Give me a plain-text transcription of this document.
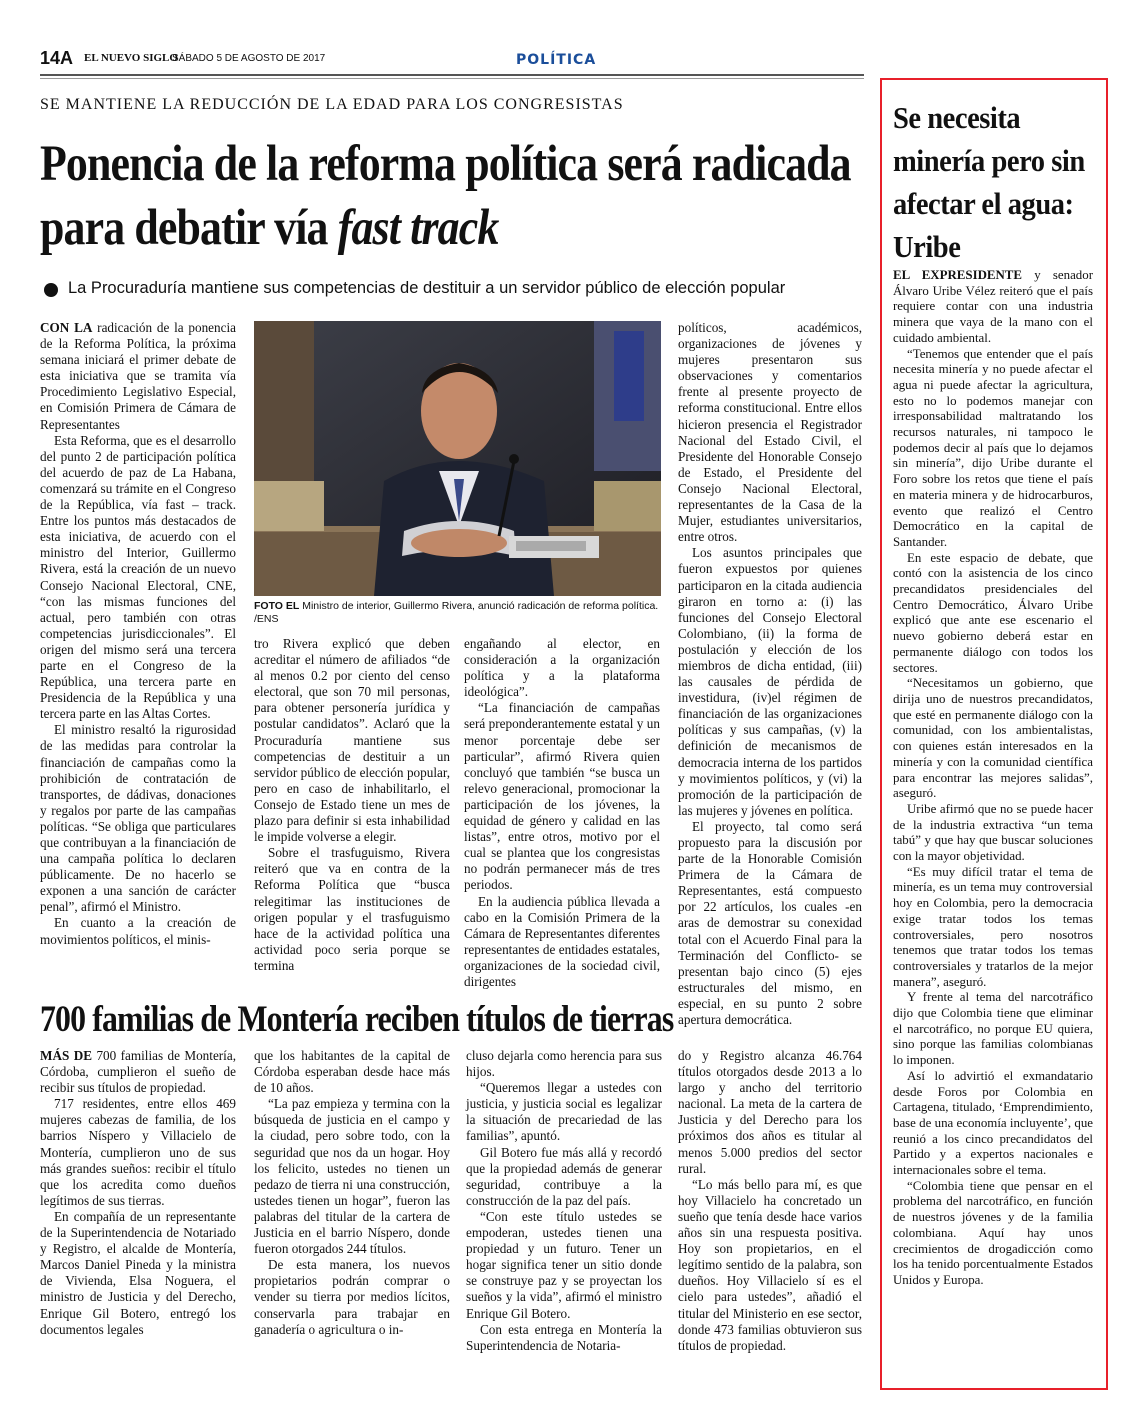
14A EL NUEVO SIGLO
SÁBADO 5 DE AGOSTO DE 2017	POLÍTICA
SE MANTIENE LA REDUCCIÓN DE LA EDAD PARA LOS CONGRESISTAS
Ponencia de la reforma política será radicada para debatir vía fast track
La Procuraduría mantiene sus competencias de destituir a un servidor público de elección popular

CON LA radicación de la ponencia de la Reforma Política, la próxima semana iniciará el primer debate de esta iniciativa que se tramita vía Procedimiento Legislativo Especial, en Comisión Primera de Cámara de Representantes

Esta Reforma, que es el desarrollo del punto 2 de participación política del acuerdo de paz de La Habana, comenzará su trámite en el Congreso de la República, vía fast – track. Entre los puntos más destacados de esta iniciativa, de acuerdo con el ministro del Interior, Guillermo Rivera, está la creación de un nuevo Consejo Nacional Electoral, CNE, “con las mismas funciones del actual, pero también con otras competencias jurisdiccionales”. El origen del mismo será una tercera parte en el Congreso de la República, una tercera parte en Presidencia de la República y una tercera parte en las Altas Cortes.

El ministro resaltó la rigurosidad de las medidas para controlar la financiación de campañas como la prohibición de contratación de transportes, de dádivas, donaciones y regalos por parte de las campañas políticas. “Se obliga que particulares que contribuyan a la financiación de una campaña política lo declaren públicamente. De no hacerlo se exponen a una sanción de carácter penal”, afirmó el Ministro.

En cuanto a la creación de movimientos políticos, el minis-

FOTO EL Ministro de interior, Guillermo Rivera, anunció radicación de reforma política. /ENS

políticos, académicos, organizaciones de jóvenes y mujeres presentaron sus observaciones y comentarios frente al presente proyecto de reforma constitucional. Entre ellos hicieron presencia el Registrador Nacional del Estado Civil, el Presidente del Honorable Consejo de Estado, el Presidente del Consejo Nacional Electoral, representantes de la Casa de la Mujer, estudiantes universitarios, entre otros.

Los asuntos principales que fueron expuestos por quienes participaron en la citada audiencia giraron en torno a: (i) las funciones del Consejo Electoral Colombiano, (ii) la forma de postulación y elección de los miembros de dicha entidad, (iii) las causales de pérdida de investidura, (iv)el régimen de financiación de las organizaciones políticas y sus campañas, (v) la definición de mecanismos de democracia interna de los partidos y movimientos políticos, y (vi) la promoción de la participación de las mujeres y jóvenes en política.

El proyecto, tal como será propuesto para la discusión por parte de la Honorable Comisión Primera de la Cámara de Representantes, está compuesto por 22 artículos, los cuales -en aras de demostrar su conexidad total con el Acuerdo Final para la Terminación del Conflicto- se presentan bajo cinco (5) ejes estructurales del mismo, en especial, en su punto 2 sobre apertura democrática.

tro Rivera explicó que deben acreditar el número de afiliados “de al menos 0.2 por ciento del censo electoral, que son 70 mil personas, para obtener personería jurídica y postular candidatos”. Aclaró que la Procuraduría mantiene sus competencias de destituir a un servidor público de elección popular, pero en caso de inhabilitarlo, el Consejo de Estado tiene un mes de plazo para definir si esta inhabilidad le impide volverse a elegir.

Sobre el trasfuguismo, Rivera reiteró que va en contra de la Reforma Política que “busca relegitimar las instituciones de origen popular y el trasfuguismo hace de la actividad política una actividad poco seria porque se termina

engañando al elector, en consideración a la organización política y a la plataforma ideológica”.

“La financiación de campañas será preponderantemente estatal y un menor porcentaje debe ser particular”, afirmó Rivera quien concluyó que también “se busca un relevo generacional, promocionar la participación de los jóvenes, la equidad de género y calidad en las listas”, entre otros, motivo por el cual se plantea que los congresistas no podrán permanecer más de tres periodos.

En la audiencia pública llevada a cabo en la Comisión Primera de la Cámara de Representantes diferentes representantes de entidades estatales, organizaciones de la sociedad civil, dirigentes

700 familias de Montería reciben títulos de tierras

MÁS DE 700 familias de Montería, Córdoba, cumplieron el sueño de recibir sus títulos de propiedad.

717 residentes, entre ellos 469 mujeres cabezas de familia, de los barrios Níspero y Villacielo de Montería, cumplieron uno de sus más grandes sueños: recibir el título que los acredita como dueños legítimos de sus tierras.

En compañía de un representante de la Superintendencia de Notariado y Registro, el alcalde de Montería, Marcos Daniel Pineda y la ministra de Vivienda, Elsa Noguera, el ministro de Justicia y del Derecho, Enrique Gil Botero, entregó los documentos legales

que los habitantes de la capital de Córdoba esperaban desde hace más de 10 años.

“La paz empieza y termina con la búsqueda de justicia en el campo y la ciudad, pero sobre todo, con la seguridad que nos da un hogar. Hoy los felicito, ustedes no tienen un pedazo de tierra ni una construcción, ustedes tienen un hogar”, fueron las palabras del titular de la cartera de Justicia en el barrio Níspero, donde fueron otorgados 244 títulos.

De esta manera, los nuevos propietarios podrán comprar o vender su tierra por medios lícitos, conservarla para trabajar en ganadería o agricultura o in-

cluso dejarla como herencia para sus hijos.

“Queremos llegar a ustedes con justicia, y justicia social es legalizar la situación de precariedad de las familias”, apuntó.

Gil Botero fue más allá y recordó que la propiedad además de generar seguridad, contribuye a la construcción de la paz del país.

“Con este título ustedes se empoderan, ustedes tienen una propiedad y un futuro. Tener un hogar significa tener un sitio donde se construye paz y se proyectan los sueños y la vida”, afirmó el ministro Enrique Gil Botero.

Con esta entrega en Montería la Superintendencia de Notaria-

do y Registro alcanza 46.764 títulos otorgados desde 2013 a lo largo y ancho del territorio nacional. La meta de la cartera de Justicia y del Derecho para los próximos dos años es titular al menos 5.000 predios del sector rural.

“Lo más bello para mí, es que hoy Villacielo ha concretado un sueño que tenía desde hace varios años sin una respuesta positiva. Hoy son propietarios, en el legítimo sentido de la palabra, son dueños. Hoy Villacielo sí es el cielo para ustedes”, añadió el titular del Ministerio en ese sector, donde 473 familias obtuvieron sus títulos de propiedad.

Se necesita minería pero sin afectar el agua: Uribe

EL EXPRESIDENTE y senador Álvaro Uribe Vélez reiteró que el país requiere contar con una industria minera que vaya de la mano con el cuidado ambiental.

“Tenemos que entender que el país necesita minería y no puede afectar el agua ni puede afectar la agricultura, esto no lo podemos manejar con irresponsabilidad maltratando los recursos naturales, ni tampoco le podemos decir al país que lo dejamos sin minería”, dijo Uribe durante el Foro sobre los retos que tiene el país en materia minera y de hidrocarburos, evento que realizó el Centro Democrático en la capital de Santander.

En este espacio de debate, que contó con la asistencia de los cinco precandidatos presidenciales del Centro Democrático, Álvaro Uribe explicó que ante ese escenario el nuevo gobierno deberá estar en permanente diálogo con todos los sectores.

“Necesitamos un gobierno, que dirija uno de nuestros precandidatos, que esté en permanente diálogo con la comunidad, con los ambientalistas, con quienes están interesados en la minería y con la comunidad científica para encontrar las mejores salidas”, aseguró.

Uribe afirmó que no se puede hacer de la industria extractiva “un tema tabú” y que hay que buscar soluciones con la mayor objetividad.

“Es muy difícil tratar el tema de minería, es un tema muy controversial hoy en Colombia, pero la democracia exige tratar todos los temas controversiales, pero nosotros tenemos que tratar todos los temas controversiales y tratarlos de la mejor manera”, aseguró.

Y frente al tema del narcotráfico dijo que Colombia tiene que eliminar el narcotráfico, no porque EU quiera, sino porque las familias colombianas lo imponen.

Así lo advirtió el exmandatario desde Foros por Colombia en Cartagena, titulado, ‘Emprendimiento, base de una economía incluyente’, que reunió a los cinco precandidatos del Partido y a expertos nacionales e internacionales sobre el tema.

“Colombia tiene que pensar en el problema del narcotráfico, en función de nuestros jóvenes y de la familia colombiana. Aquí hay unos crecimientos de drogadicción como los ha tenido porcentualmente Estados Unidos y Europa.
